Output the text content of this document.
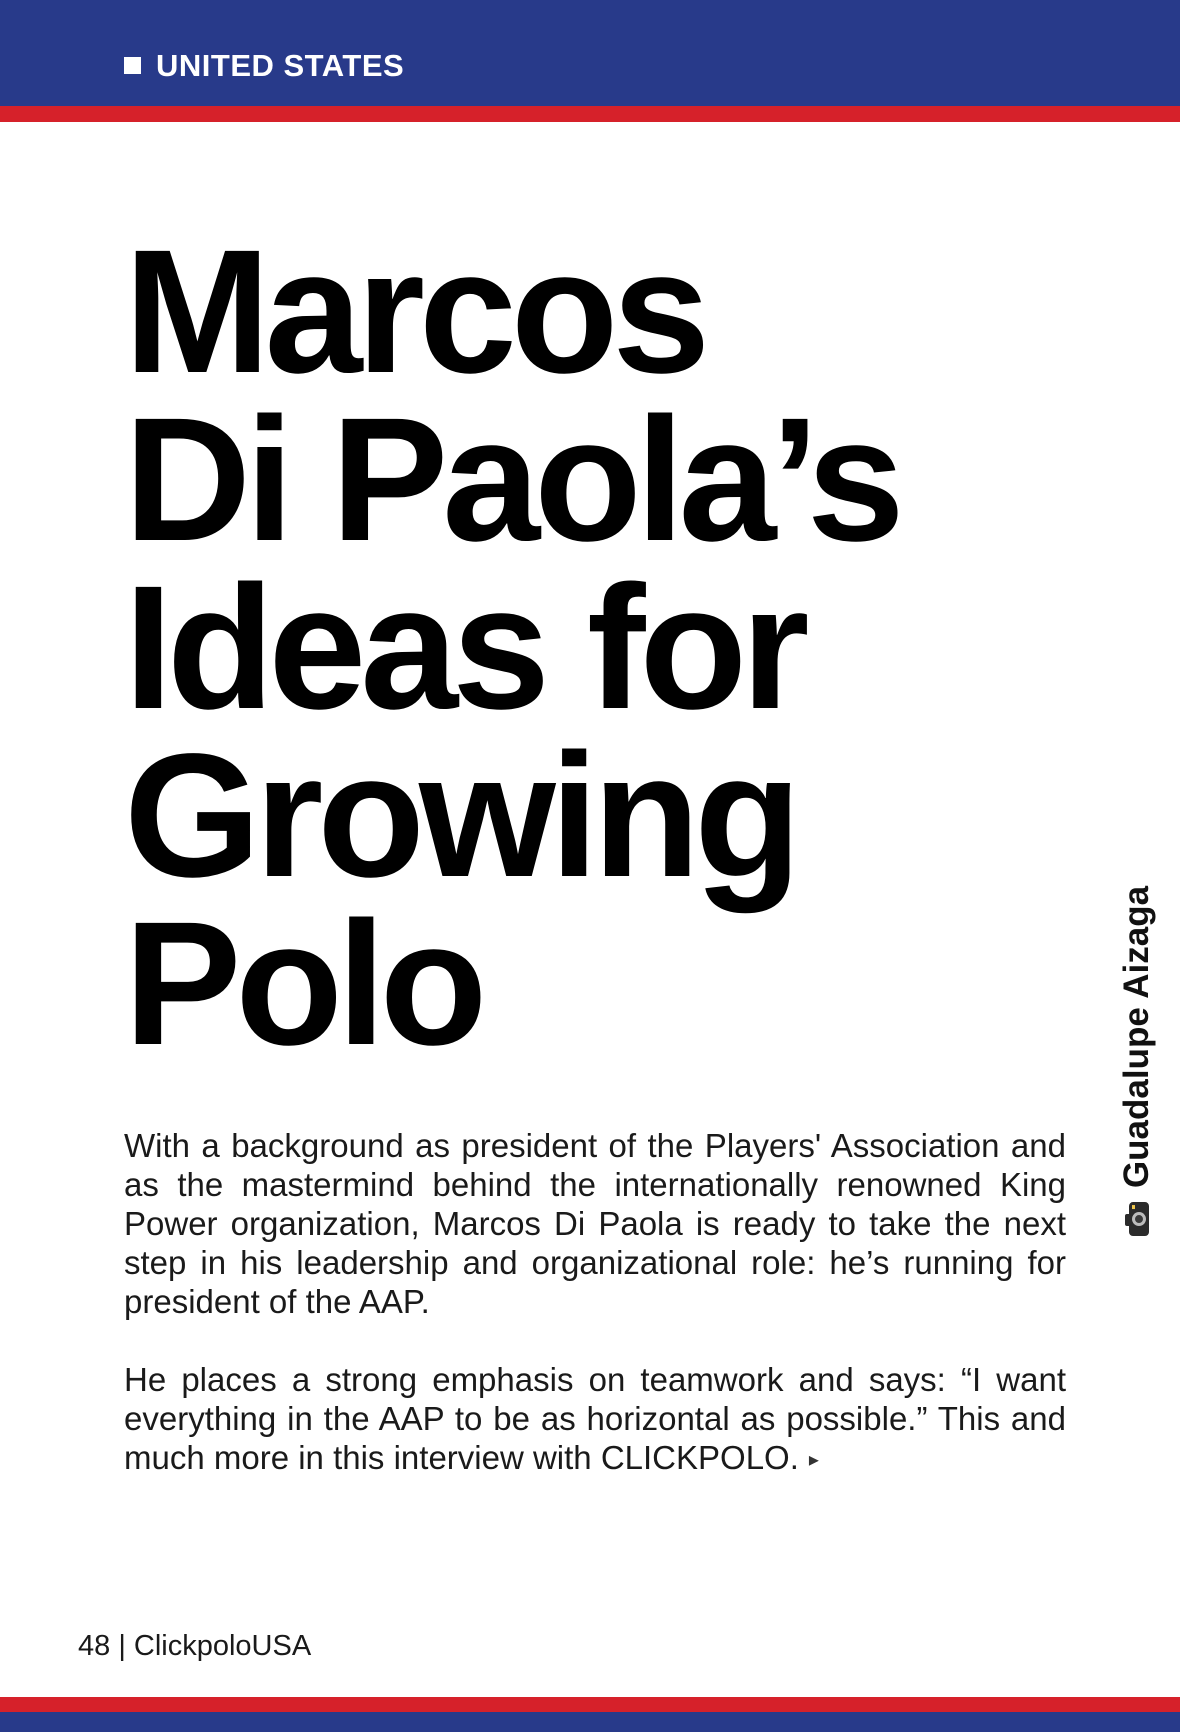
UNITED STATES
Marcos
Di Paola’s
Ideas for
Growing
Polo	Guadalupe Aizaga

With a background as president of the Players' Association and as the mastermind behind the internationally renowned King Power organization, Marcos Di Paola is ready to take the next step in his leadership and organizational role: he’s running for president of the AAP.

He places a strong emphasis on teamwork and says: “I want everything in the AAP to be as horizontal as possible.” This and much more in this interview with CLICKPOLO. ▸

48 | ClickpoloUSA
